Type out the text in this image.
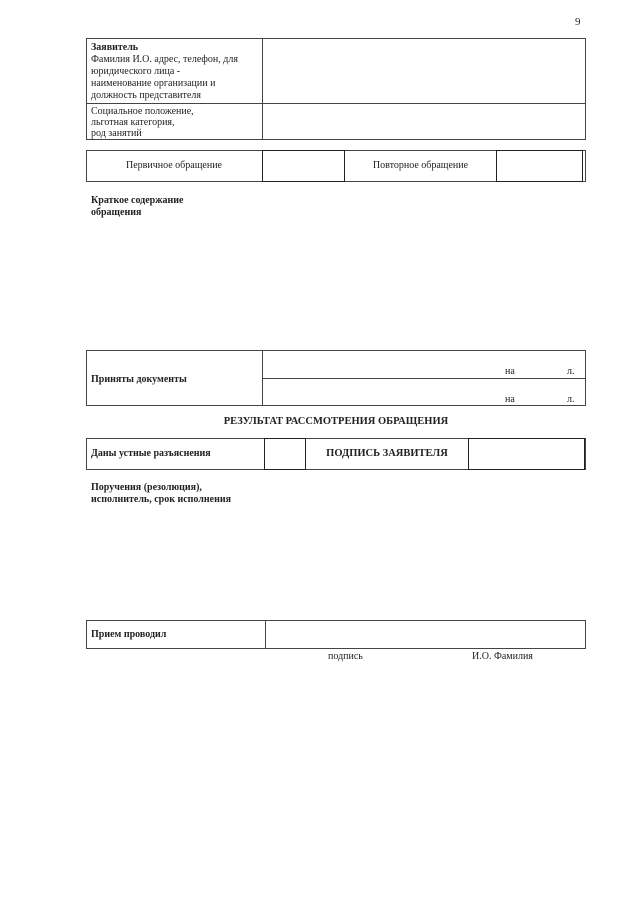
9
Заявитель
Фамилия И.О. адрес, телефон, для
юридического лица -
наименование организации и
должность представителя
Социальное положение,
льготная категория,
род занятий
Первичное обращение	Повторное обращение
Краткое содержание
обращения
Приняты документы
на	л.
на	л.
РЕЗУЛЬТАТ РАССМОТРЕНИЯ ОБРАЩЕНИЯ
Даны устные разъяснения	ПОДПИСЬ ЗАЯВИТЕЛЯ
Поручения (резолюция),
исполнитель, срок исполнения
Прием проводил
подпись	И.О. Фамилия
